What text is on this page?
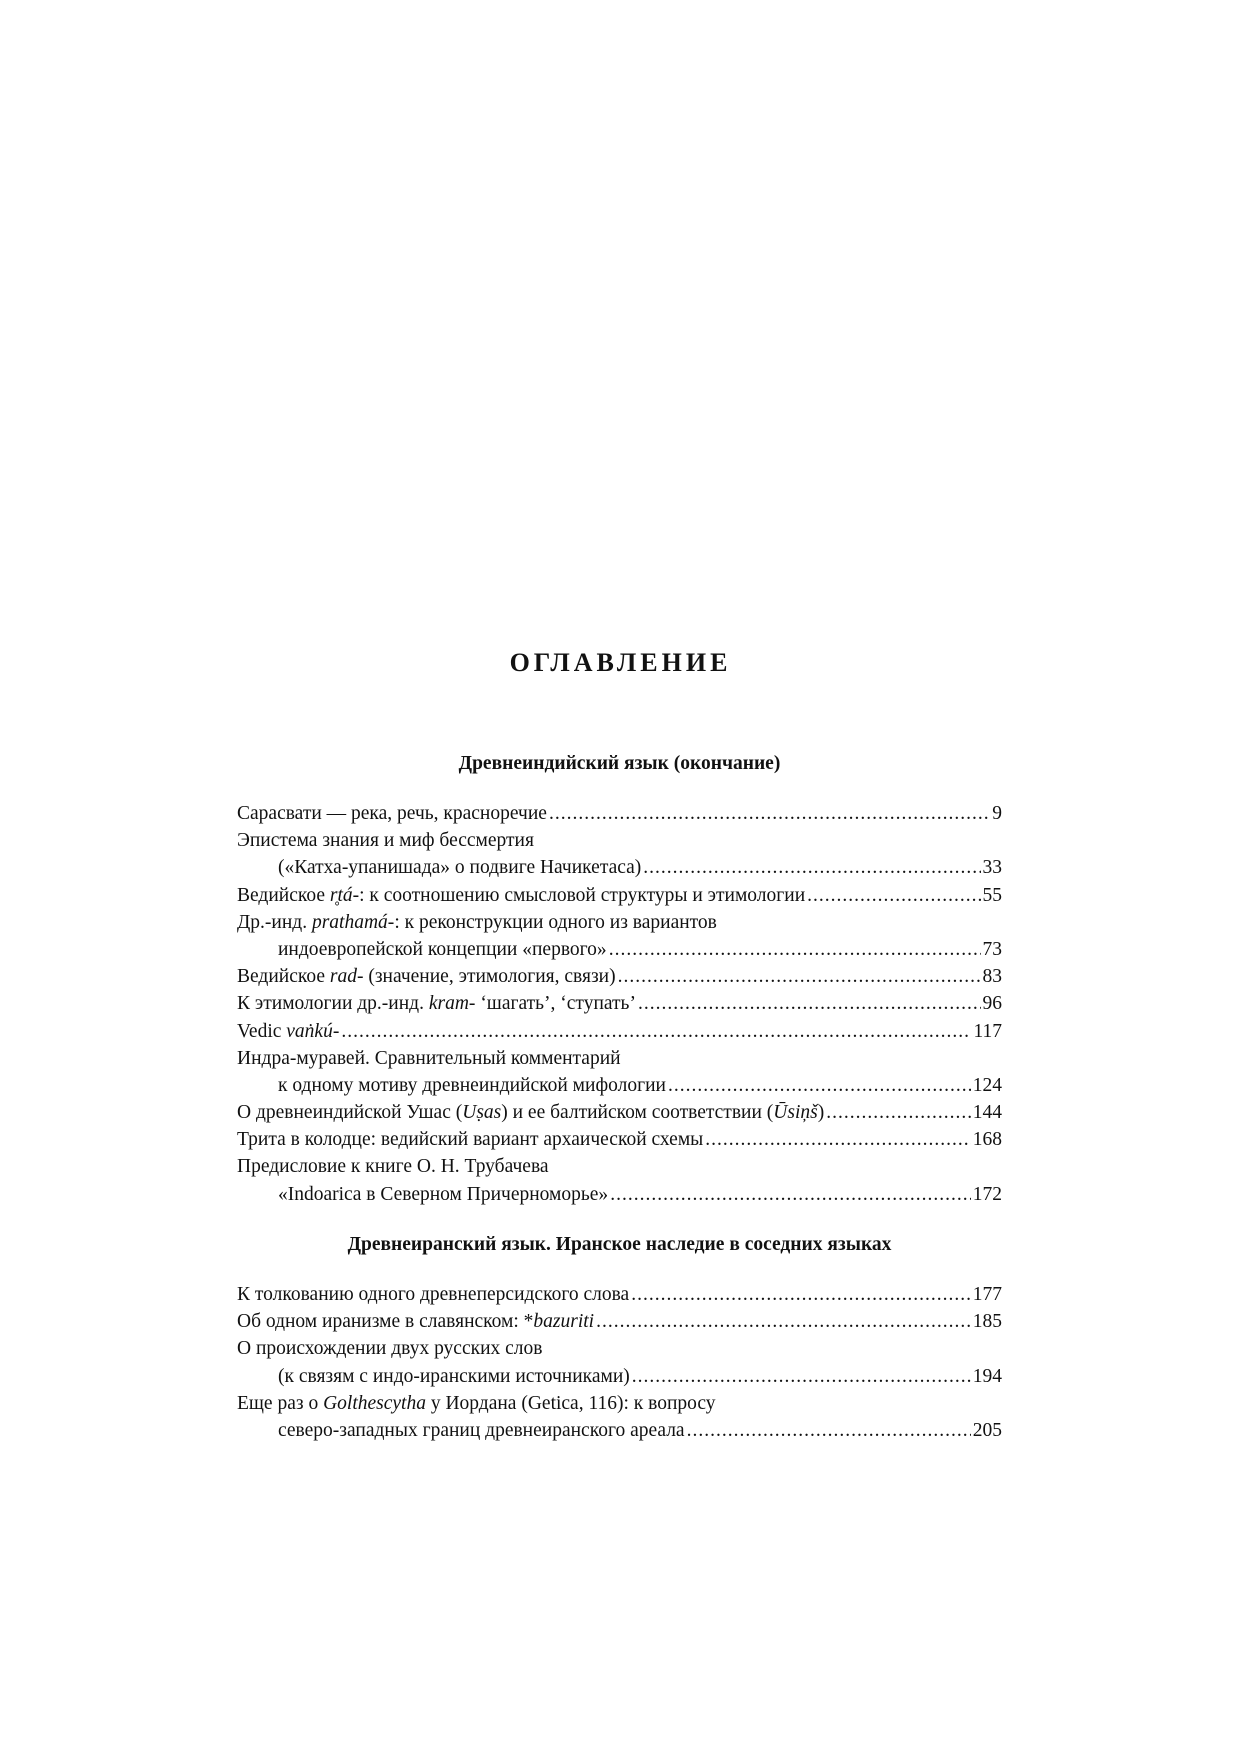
ОГЛАВЛЕНИЕ
Древнеиндийский язык (окончание)
Сарасвати — река, речь, красноречие .....	9
Эпистема знания и миф бессмертия
(«Катха-упанишада» о подвиге Начикетаса) .....	33
Ведийское r̥tá-: к соотношению смысловой структуры и этимологии .....	55
Др.-инд. prathamá-: к реконструкции одного из вариантов
индоевропейской концепции «первого» .....	73
Ведийское rad- (значение, этимология, связи) .....	83
К этимологии др.-инд. kram- ‘шагать’, ‘ступать’ .....	96
Vedic vaṅkú- .....	117
Индра-муравей. Сравнительный комментарий
к одному мотиву древнеиндийской мифологии .....	124
О древнеиндийской Ушас (Uṣas) и ее балтийском соответствии (Ūsiņš) .....	144
Трита в колодце: ведийский вариант архаической схемы .....	168
Предисловие к книге О. Н. Трубачева
«Indoarica в Северном Причерноморье» .....	172
Древнеиранский язык. Иранское наследие в соседних языках
К толкованию одного древнеперсидского слова .....	177
Об одном иранизме в славянском: *bazuriti .....	185
О происхождении двух русских слов
(к связям с индо-иранскими источниками) .....	194
Еще раз о Golthescytha у Иордана (Getica, 116): к вопросу
северо-западных границ древнеиранского ареала .....	205
